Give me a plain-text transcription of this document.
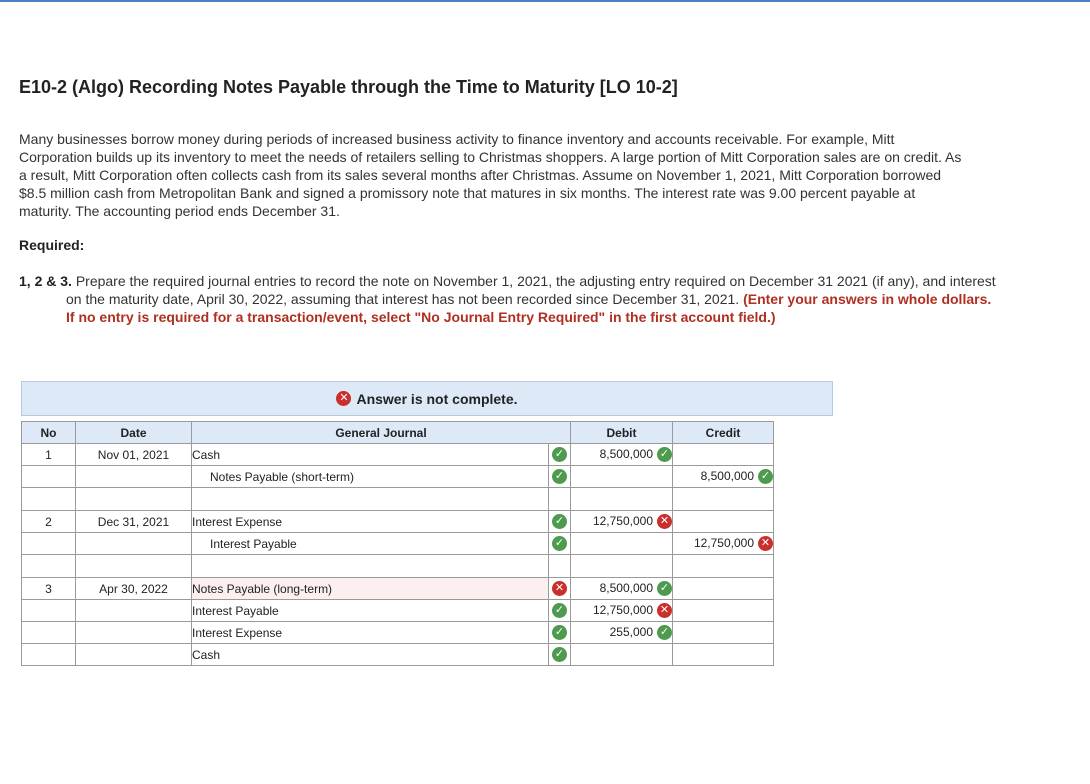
E10-2 (Algo) Recording Notes Payable through the Time to Maturity [LO 10-2]

Many businesses borrow money during periods of increased business activity to finance inventory and accounts receivable. For example, Mitt Corporation builds up its inventory to meet the needs of retailers selling to Christmas shoppers. A large portion of Mitt Corporation sales are on credit. As a result, Mitt Corporation often collects cash from its sales several months after Christmas. Assume on November 1, 2021, Mitt Corporation borrowed $8.5 million cash from Metropolitan Bank and signed a promissory note that matures in six months. The interest rate was 9.00 percent payable at maturity. The accounting period ends December 31.

Required:

1, 2 & 3. Prepare the required journal entries to record the note on November 1, 2021, the adjusting entry required on December 31 2021 (if any), and interest on the maturity date, April 30, 2022, assuming that interest has not been recorded since December 31, 2021. (Enter your answers in whole dollars. If no entry is required for a transaction/event, select "No Journal Entry Required" in the first account field.)

✕ Answer is not complete.
No	Date	General Journal		Debit	Credit
1	Nov 01, 2021	Cash	✓	8,500,000 ✓	
		Notes Payable (short-term)	✓		8,500,000 ✓

2	Dec 31, 2021	Interest Expense	✓	12,750,000 ✕	
		Interest Payable	✓		12,750,000 ✕

3	Apr 30, 2022	Notes Payable (long-term)	✕	8,500,000 ✓	
		Interest Payable	✓	12,750,000 ✕	
		Interest Expense	✓	255,000 ✓	
		Cash	✓		
